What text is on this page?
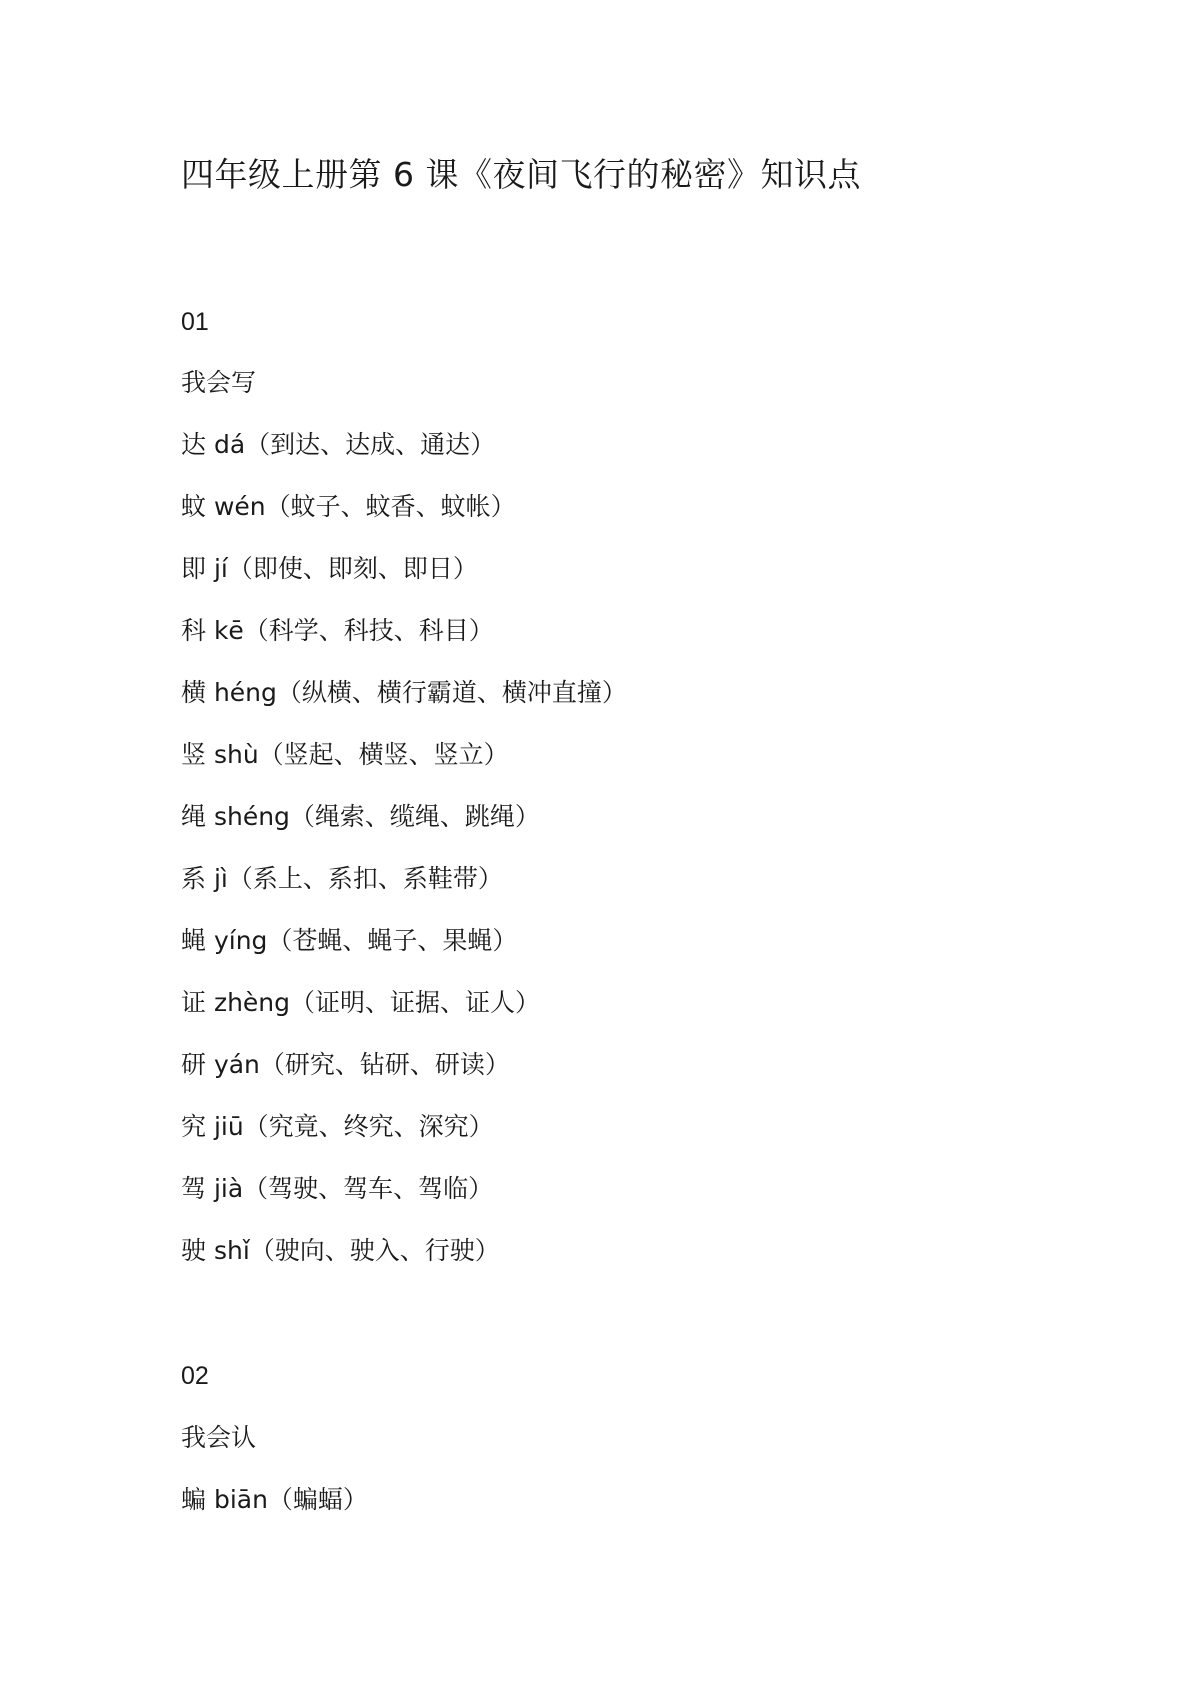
四年级上册第 6 课《夜间飞行的秘密》知识点
01
我会写
达 dá（到达、达成、通达）
蚊 wén（蚊子、蚊香、蚊帐）
即 jí（即使、即刻、即日）
科 kē（科学、科技、科目）
横 héng（纵横、横行霸道、横冲直撞）
竖 shù（竖起、横竖、竖立）
绳 shéng（绳索、缆绳、跳绳）
系 jì（系上、系扣、系鞋带）
蝇 yíng（苍蝇、蝇子、果蝇）
证 zhèng（证明、证据、证人）
研 yán（研究、钻研、研读）
究 jiū（究竟、终究、深究）
驾 jià（驾驶、驾车、驾临）
驶 shǐ（驶向、驶入、行驶）
02
我会认
蝙 biān（蝙蝠）
